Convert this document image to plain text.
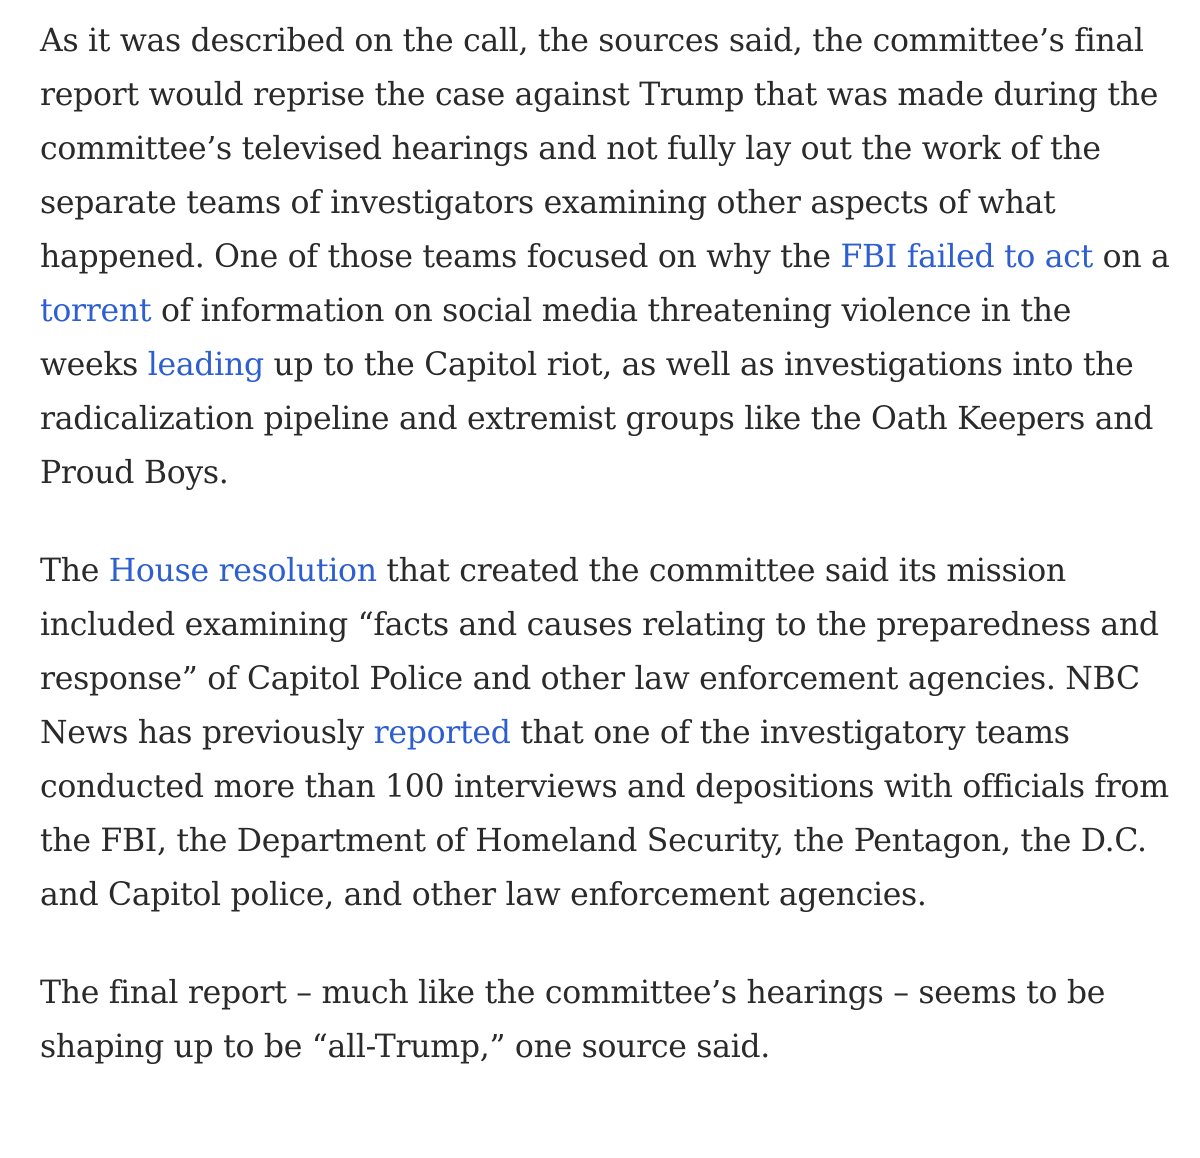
As it was described on the call, the sources said, the committee’s final report would reprise the case against Trump that was made during the committee’s televised hearings and not fully lay out the work of the separate teams of investigators examining other aspects of what happened. One of those teams focused on why the FBI failed to act on a torrent of information on social media threatening violence in the weeks leading up to the Capitol riot, as well as investigations into the radicalization pipeline and extremist groups like the Oath Keepers and Proud Boys.

The House resolution that created the committee said its mission included examining “facts and causes relating to the preparedness and response” of Capitol Police and other law enforcement agencies. NBC News has previously reported that one of the investigatory teams conducted more than 100 interviews and depositions with officials from the FBI, the Department of Homeland Security, the Pentagon, the D.C. and Capitol police, and other law enforcement agencies.

The final report – much like the committee’s hearings – seems to be shaping up to be “all-Trump,” one source said.
